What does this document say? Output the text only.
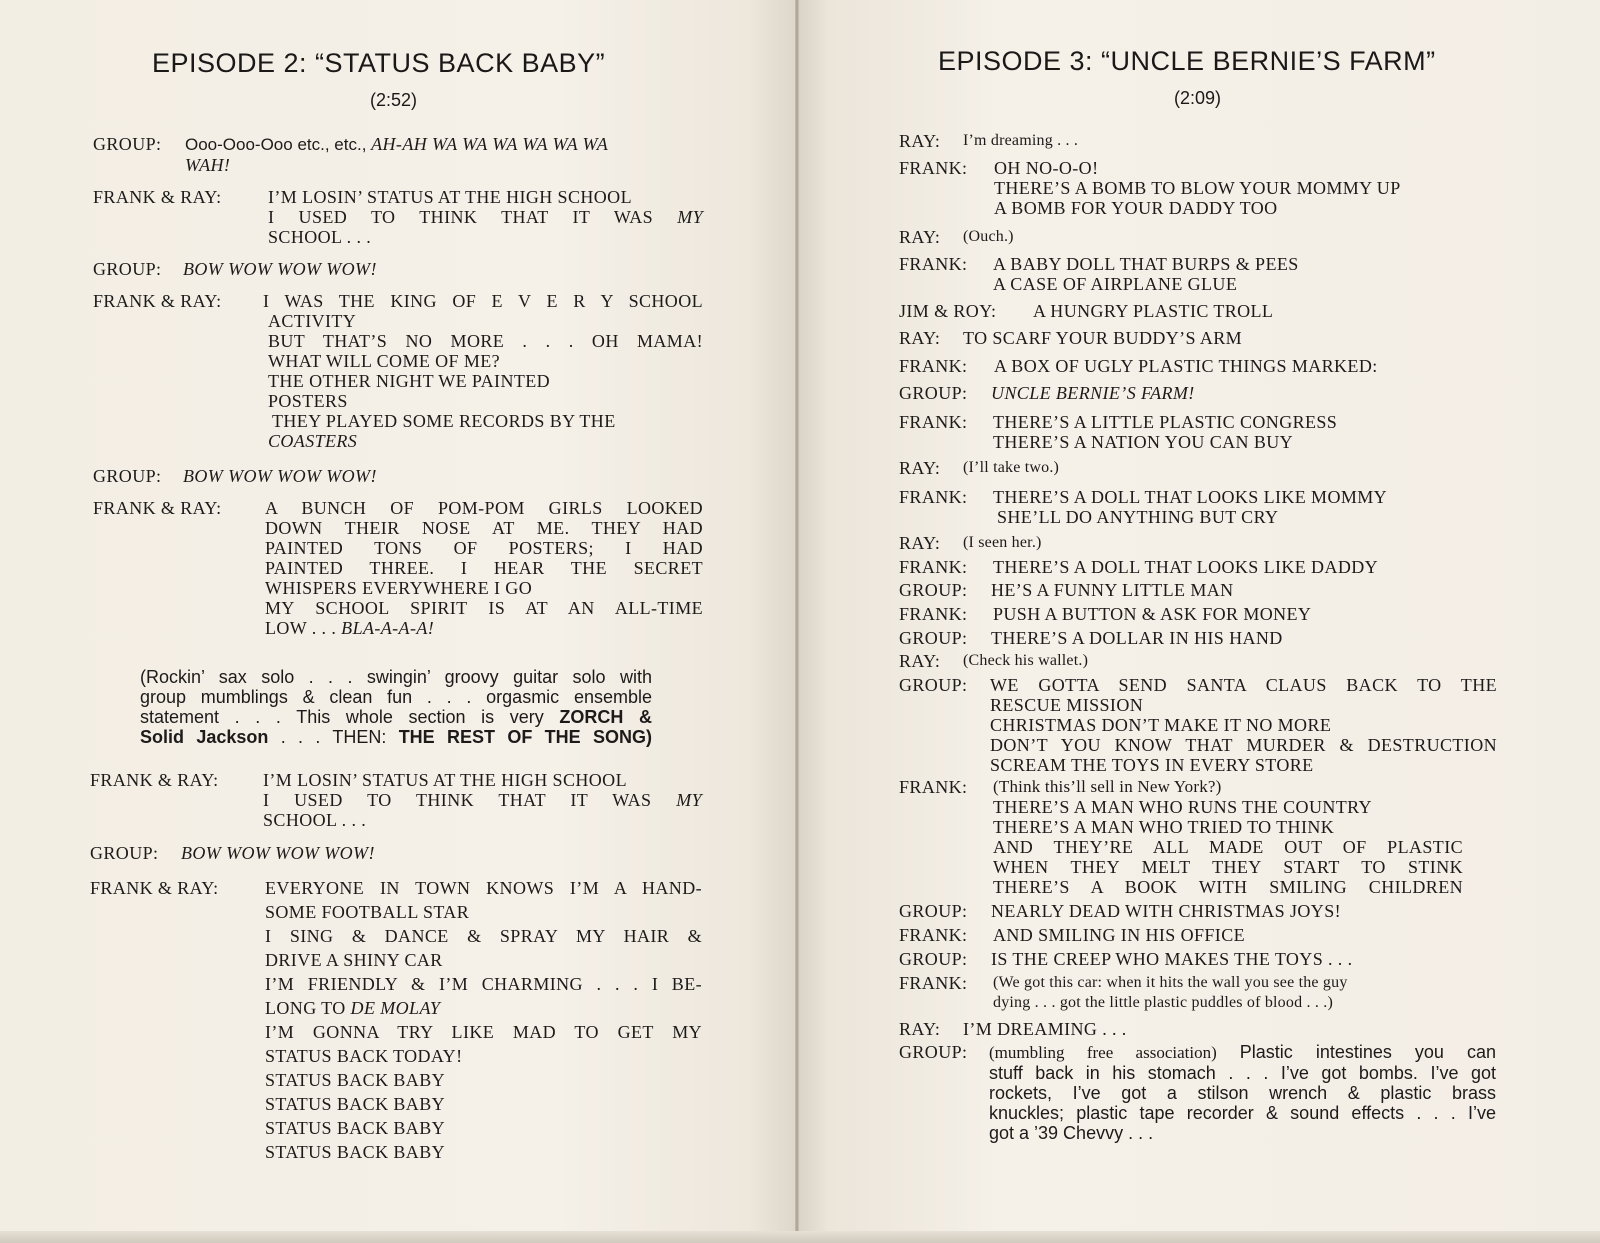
EPISODE 2: “STATUS BACK BABY”
(2:52)
GROUP: Ooo-Ooo-Ooo etc., etc., AH-AH WA WA WA WA WA WA
WAH!
FRANK & RAY:	I’M LOSIN’ STATUS AT THE HIGH SCHOOL
I USED TO THINK THAT IT WAS MY
SCHOOL . . .
GROUP: BOW WOW WOW WOW!
FRANK & RAY: I WAS THE KING OF E V E R Y SCHOOL
ACTIVITY
BUT THAT’S NO MORE . . . OH MAMA!
WHAT WILL COME OF ME?
THE OTHER NIGHT WE PAINTED
POSTERS
THEY PLAYED SOME RECORDS BY THE
COASTERS
GROUP: BOW WOW WOW WOW!
FRANK & RAY: A BUNCH OF POM-POM GIRLS LOOKED
DOWN THEIR NOSE AT ME. THEY HAD
PAINTED TONS OF POSTERS; I HAD
PAINTED THREE. I HEAR THE SECRET
WHISPERS EVERYWHERE I GO
MY SCHOOL SPIRIT IS AT AN ALL-TIME
LOW . . . BLA-A-A-A!
(Rockin’ sax solo . . . swingin’ groovy guitar solo with
group mumblings & clean fun . . . orgasmic ensemble
statement . . . This whole section is very ZORCH &
Solid Jackson . . . THEN: THE REST OF THE SONG)
FRANK & RAY: I’M LOSIN’ STATUS AT THE HIGH SCHOOL
I USED TO THINK THAT IT WAS MY
SCHOOL . . .
GROUP: BOW WOW WOW WOW!
FRANK & RAY:	EVERYONE IN TOWN KNOWS I’M A HAND-
SOME FOOTBALL STAR
I SING & DANCE & SPRAY MY HAIR &
DRIVE A SHINY CAR
I’M FRIENDLY & I’M CHARMING . . . I BE-
LONG TO DE MOLAY
I’M GONNA TRY LIKE MAD TO GET MY
STATUS BACK TODAY!
STATUS BACK BABY
STATUS BACK BABY
STATUS BACK BABY
STATUS BACK BABY
EPISODE 3: “UNCLE BERNIE’S FARM”
(2:09)
RAY: I’m dreaming . . .
FRANK: OH NO-O-O!
THERE’S A BOMB TO BLOW YOUR MOMMY UP
A BOMB FOR YOUR DADDY TOO
RAY: (Ouch.)
FRANK: A BABY DOLL THAT BURPS & PEES
A CASE OF AIRPLANE GLUE
JIM & ROY: A HUNGRY PLASTIC TROLL
RAY: TO SCARF YOUR BUDDY’S ARM
FRANK: A BOX OF UGLY PLASTIC THINGS MARKED:
GROUP: UNCLE BERNIE’S FARM!
FRANK: THERE’S A LITTLE PLASTIC CONGRESS
THERE’S A NATION YOU CAN BUY
RAY: (I’ll take two.)
FRANK: THERE’S A DOLL THAT LOOKS LIKE MOMMY
SHE’LL DO ANYTHING BUT CRY
RAY: (I seen her.)
FRANK: THERE’S A DOLL THAT LOOKS LIKE DADDY
GROUP: HE’S A FUNNY LITTLE MAN
FRANK: PUSH A BUTTON & ASK FOR MONEY
GROUP: THERE’S A DOLLAR IN HIS HAND
RAY: (Check his wallet.)
GROUP: WE GOTTA SEND SANTA CLAUS BACK TO THE
RESCUE MISSION
CHRISTMAS DON’T MAKE IT NO MORE
DON’T YOU KNOW THAT MURDER & DESTRUCTION
SCREAM THE TOYS IN EVERY STORE
FRANK: (Think this’ll sell in New York?)
THERE’S A MAN WHO RUNS THE COUNTRY
THERE’S A MAN WHO TRIED TO THINK
AND THEY’RE ALL MADE OUT OF PLASTIC
WHEN THEY MELT THEY START TO STINK
THERE’S A BOOK WITH SMILING CHILDREN
GROUP: NEARLY DEAD WITH CHRISTMAS JOYS!
FRANK: AND SMILING IN HIS OFFICE
GROUP: IS THE CREEP WHO MAKES THE TOYS . . .
FRANK: (We got this car: when it hits the wall you see the guy
dying . . . got the little plastic puddles of blood . . .)
RAY: I’M DREAMING . . .
GROUP: (mumbling free association) Plastic intestines you can
stuff back in his stomach . . . I’ve got bombs. I’ve got
rockets, I’ve got a stilson wrench & plastic brass
knuckles; plastic tape recorder & sound effects . . . I’ve
got a ’39 Chevvy . . .
